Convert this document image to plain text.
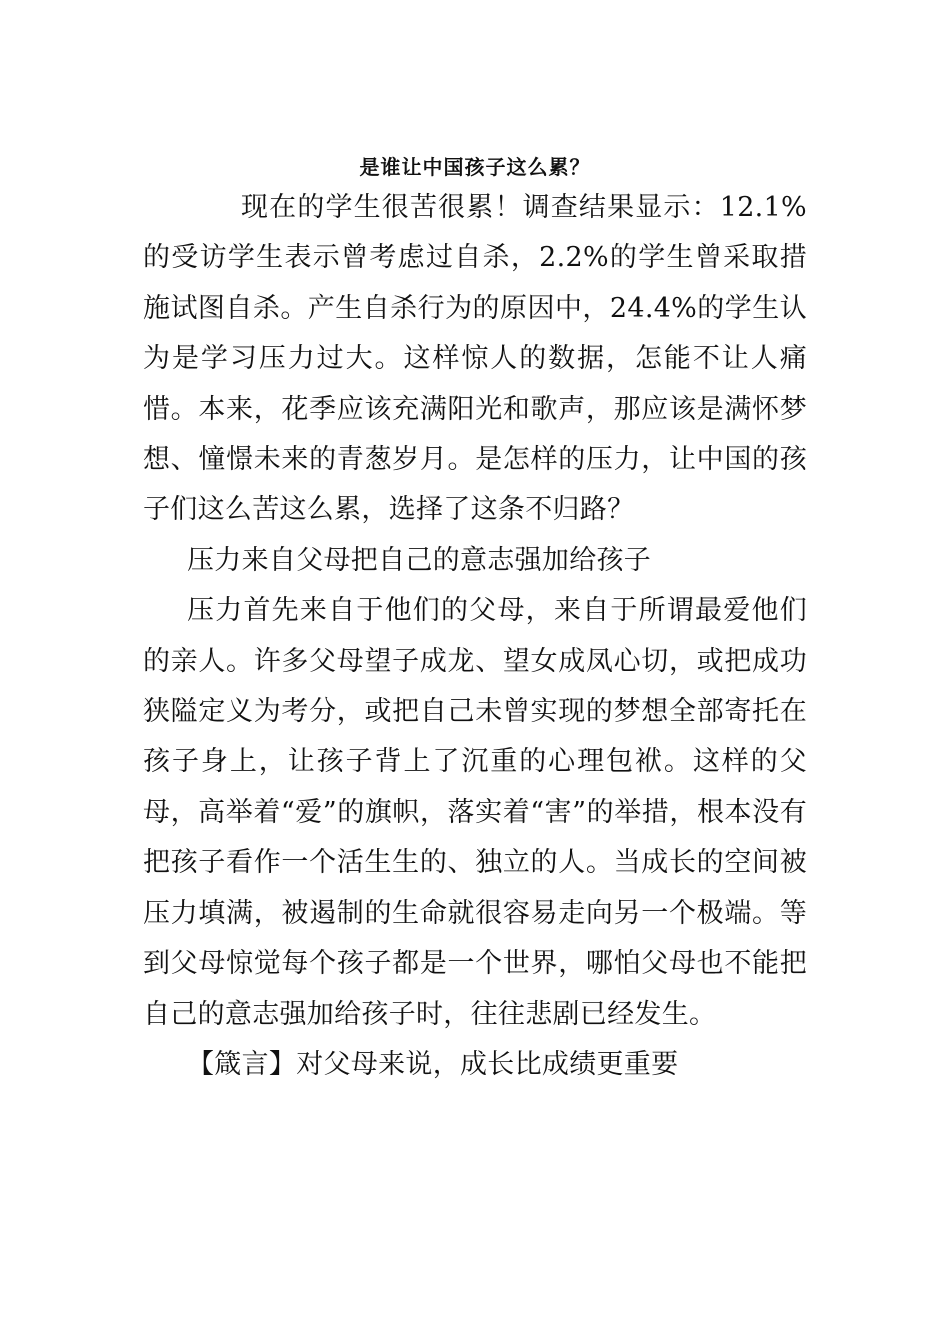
是谁让中国孩子这么累？

现在的学生很苦很累！调查结果显示：12.1%的受访学生表示曾考虑过自杀，2.2%的学生曾采取措施试图自杀。产生自杀行为的原因中，24.4%的学生认为是学习压力过大。这样惊人的数据，怎能不让人痛惜。本来，花季应该充满阳光和歌声，那应该是满怀梦想、憧憬未来的青葱岁月。是怎样的压力，让中国的孩子们这么苦这么累，选择了这条不归路？

压力来自父母把自己的意志强加给孩子

压力首先来自于他们的父母，来自于所谓最爱他们的亲人。许多父母望子成龙、望女成凤心切，或把成功狭隘定义为考分，或把自己未曾实现的梦想全部寄托在孩子身上，让孩子背上了沉重的心理包袱。这样的父母，高举着“爱”的旗帜，落实着“害”的举措，根本没有把孩子看作一个活生生的、独立的人。当成长的空间被压力填满，被遏制的生命就很容易走向另一个极端。等到父母惊觉每个孩子都是一个世界，哪怕父母也不能把自己的意志强加给孩子时，往往悲剧已经发生。

【箴言】对父母来说，成长比成绩更重要
